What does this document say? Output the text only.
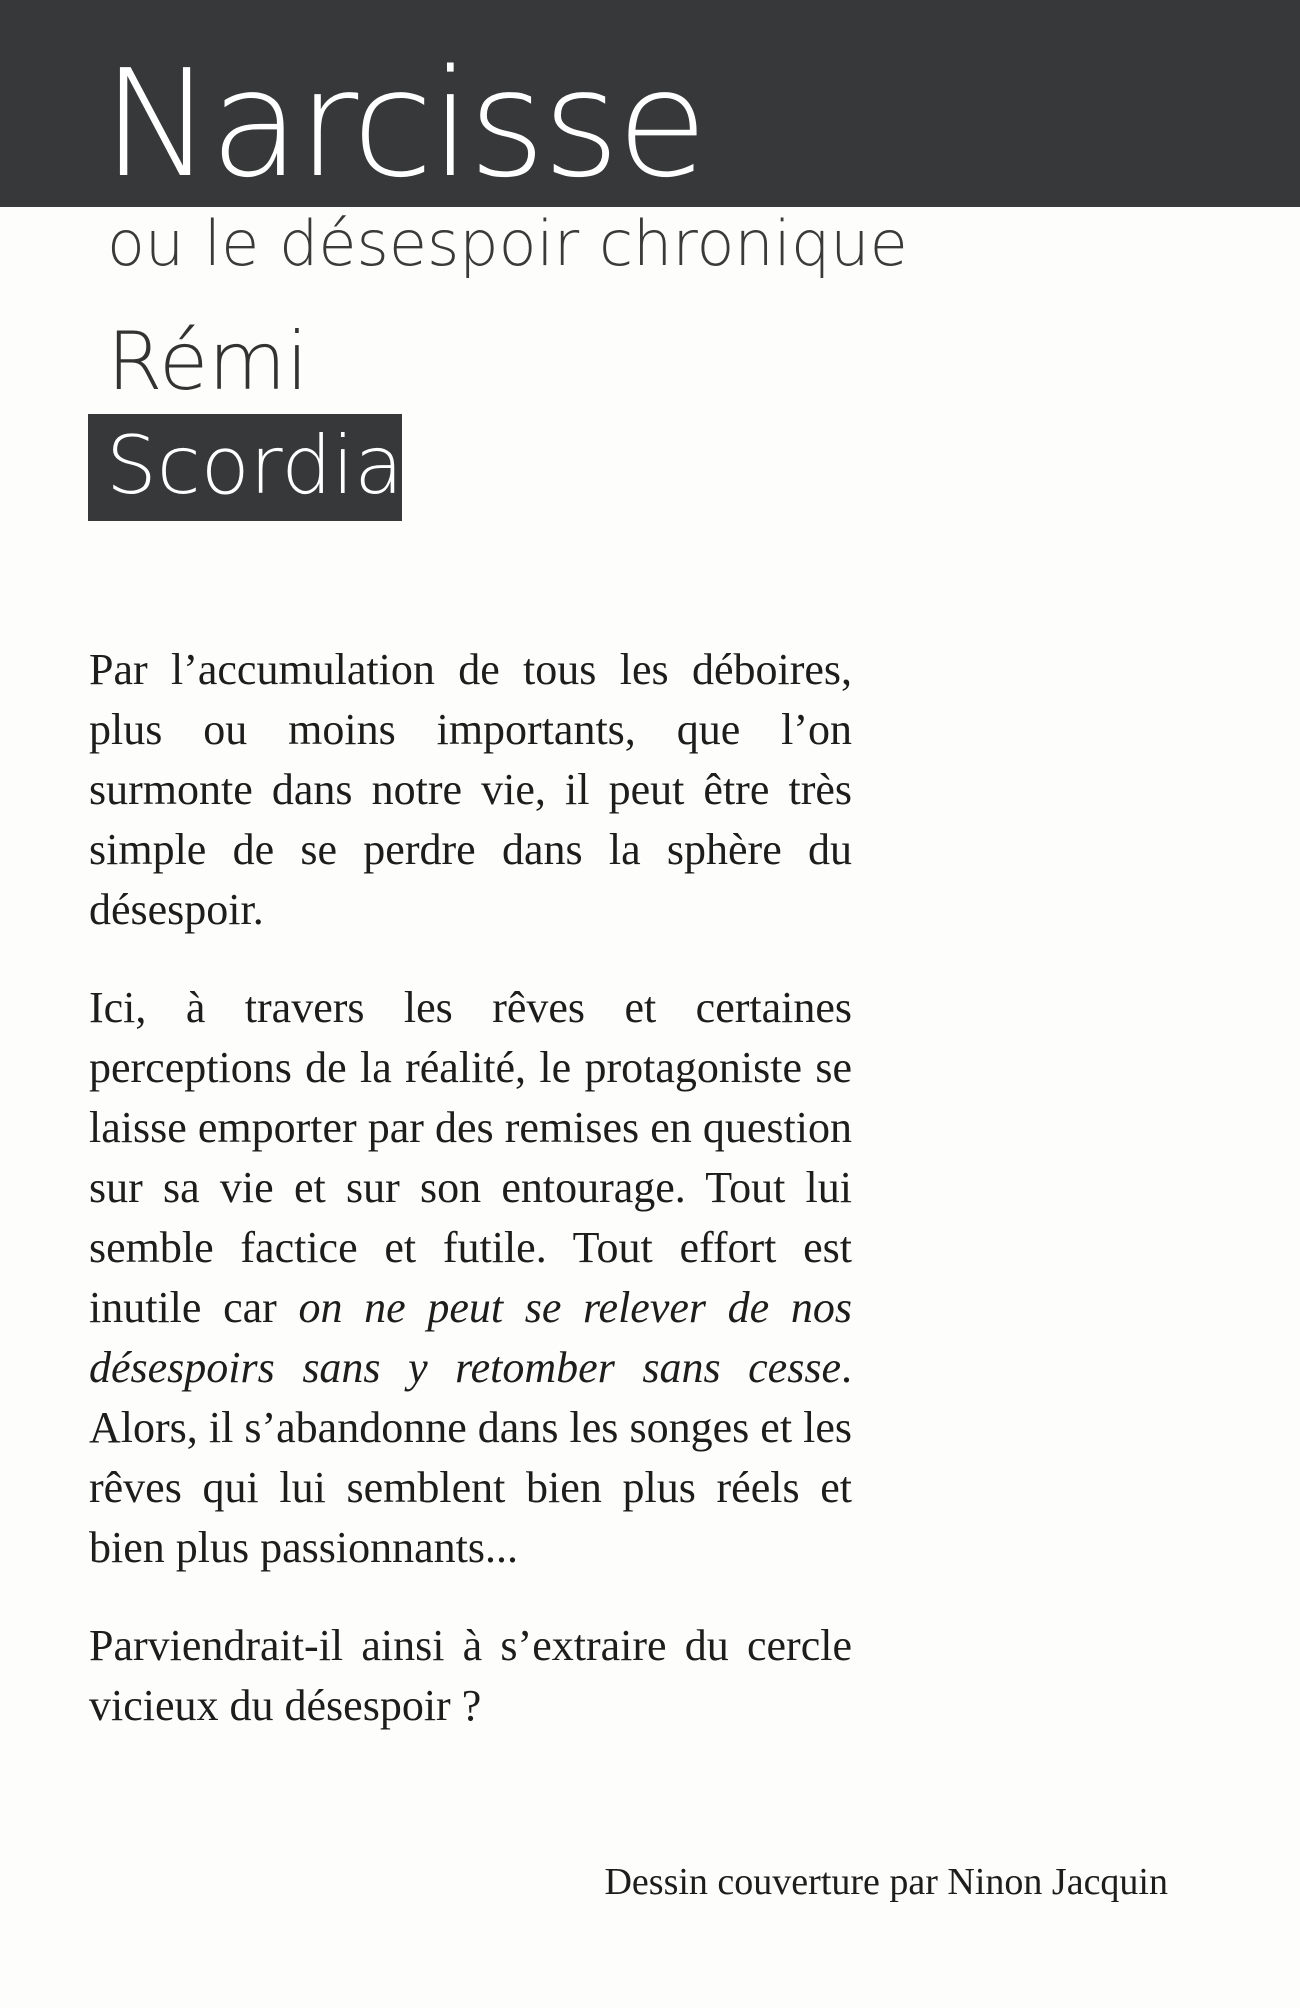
Narcisse
ou le désespoir chronique
Rémi
Scordia

Par l’accumulation de tous les déboires, plus ou moins importants, que l’on surmonte dans notre vie, il peut être très simple de se perdre dans la sphère du désespoir.

Ici, à travers les rêves et certaines perceptions de la réalité, le protagoniste se laisse emporter par des remises en question sur sa vie et sur son entourage. Tout lui semble factice et futile. Tout effort est inutile car on ne peut se relever de nos désespoirs sans y retomber sans cesse. Alors, il s’abandonne dans les songes et les rêves qui lui semblent bien plus réels et bien plus passionnants...

Parviendrait-il ainsi à s’extraire du cercle vicieux du désespoir ?

Dessin couverture par Ninon Jacquin
